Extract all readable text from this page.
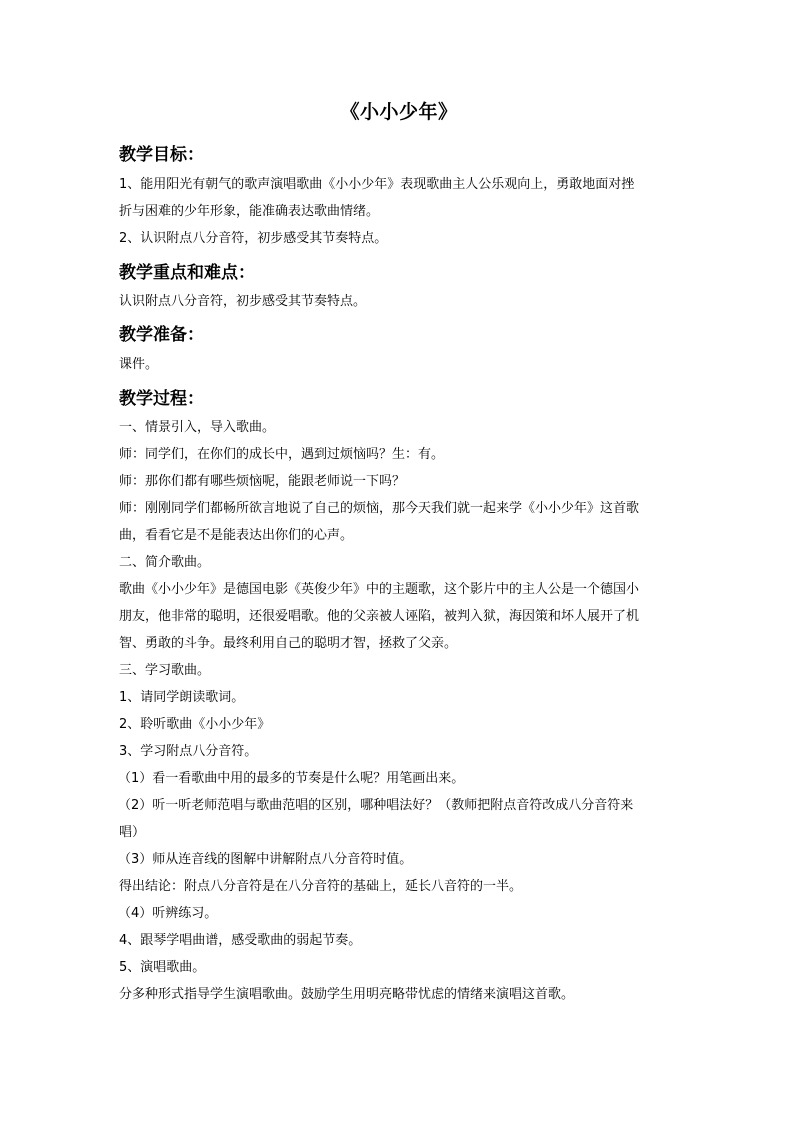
《小小少年》
教学目标：
1、能用阳光有朝气的歌声演唱歌曲《小小少年》表现歌曲主人公乐观向上，勇敢地面对挫
折与困难的少年形象，能准确表达歌曲情绪。
2、认识附点八分音符，初步感受其节奏特点。
教学重点和难点：
认识附点八分音符，初步感受其节奏特点。
教学准备：
课件。
教学过程：
一、情景引入，导入歌曲。
师：同学们，在你们的成长中，遇到过烦恼吗？生：有。
师：那你们都有哪些烦恼呢，能跟老师说一下吗？
师：刚刚同学们都畅所欲言地说了自己的烦恼，那今天我们就一起来学《小小少年》这首歌
曲，看看它是不是能表达出你们的心声。
二、简介歌曲。
歌曲《小小少年》是德国电影《英俊少年》中的主题歌，这个影片中的主人公是一个德国小
朋友，他非常的聪明，还很爱唱歌。他的父亲被人诬陷，被判入狱，海因策和坏人展开了机
智、勇敢的斗争。最终利用自己的聪明才智，拯救了父亲。
三、学习歌曲。
1、请同学朗读歌词。
2、聆听歌曲《小小少年》
3、学习附点八分音符。
（1）看一看歌曲中用的最多的节奏是什么呢？用笔画出来。
（2）听一听老师范唱与歌曲范唱的区别，哪种唱法好？（教师把附点音符改成八分音符来
唱）
（3）师从连音线的图解中讲解附点八分音符时值。
得出结论：附点八分音符是在八分音符的基础上，延长八音符的一半。
（4）听辨练习。
4、跟琴学唱曲谱，感受歌曲的弱起节奏。
5、演唱歌曲。
分多种形式指导学生演唱歌曲。鼓励学生用明亮略带忧虑的情绪来演唱这首歌。
